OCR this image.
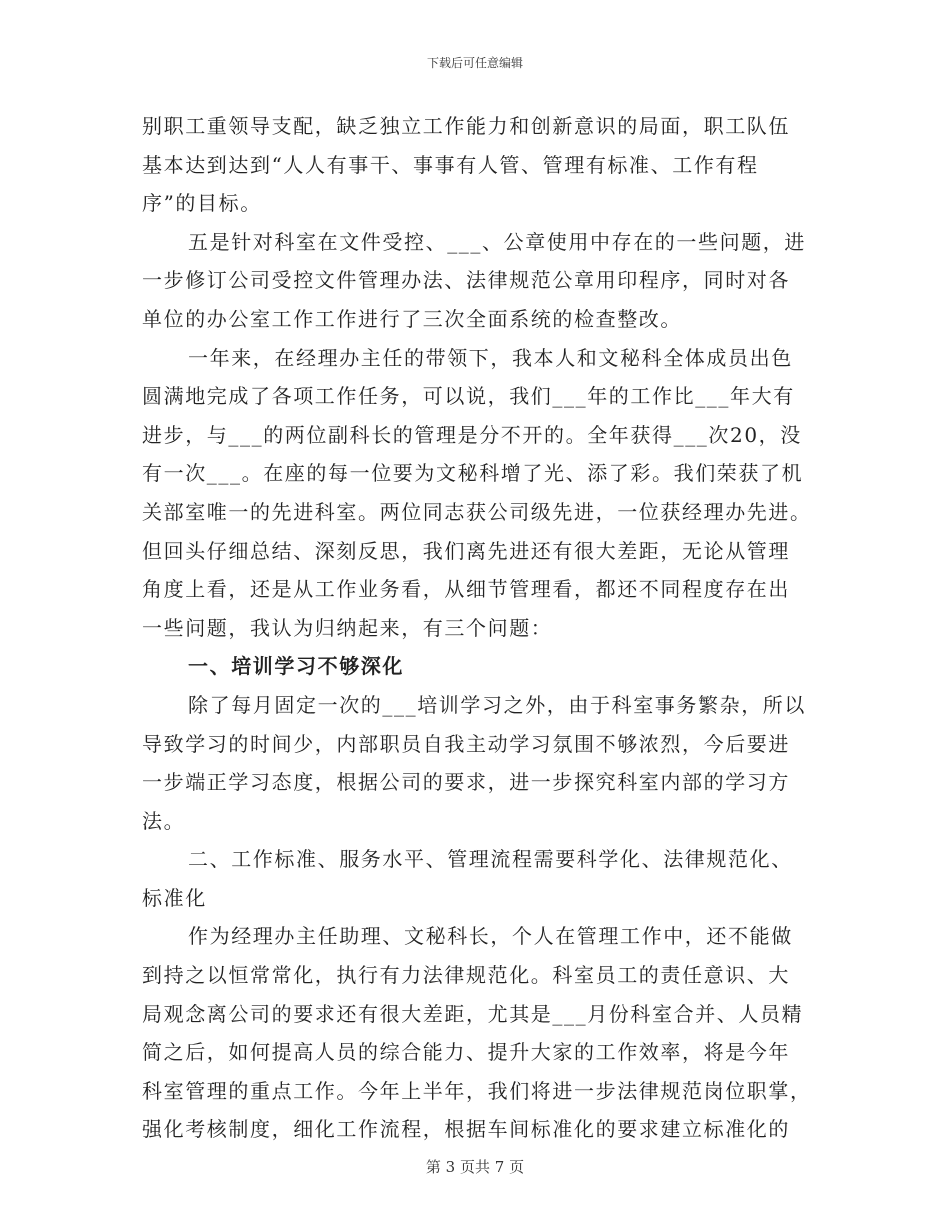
下载后可任意编辑
别职工重领导支配，缺乏独立工作能力和创新意识的局面，职工队伍
基本达到达到“人人有事干、事事有人管、管理有标准、工作有程
序”的目标。
五是针对科室在文件受控、___、公章使用中存在的一些问题，进
一步修订公司受控文件管理办法、法律规范公章用印程序，同时对各
单位的办公室工作工作进行了三次全面系统的检查整改。
一年来，在经理办主任的带领下，我本人和文秘科全体成员出色
圆满地完成了各项工作任务，可以说，我们___年的工作比___年大有
进步，与___的两位副科长的管理是分不开的。全年获得___次20，没
有一次___。在座的每一位要为文秘科增了光、添了彩。我们荣获了机
关部室唯一的先进科室。两位同志获公司级先进，一位获经理办先进。
但回头仔细总结、深刻反思，我们离先进还有很大差距，无论从管理
角度上看，还是从工作业务看，从细节管理看，都还不同程度存在出
一些问题，我认为归纳起来，有三个问题：
一、培训学习不够深化
除了每月固定一次的___培训学习之外，由于科室事务繁杂，所以
导致学习的时间少，内部职员自我主动学习氛围不够浓烈，今后要进
一步端正学习态度，根据公司的要求，进一步探究科室内部的学习方
法。
二、工作标准、服务水平、管理流程需要科学化、法律规范化、
标准化
作为经理办主任助理、文秘科长，个人在管理工作中，还不能做
到持之以恒常常化，执行有力法律规范化。科室员工的责任意识、大
局观念离公司的要求还有很大差距，尤其是___月份科室合并、人员精
简之后，如何提高人员的综合能力、提升大家的工作效率，将是今年
科室管理的重点工作。今年上半年，我们将进一步法律规范岗位职掌，
强化考核制度，细化工作流程，根据车间标准化的要求建立标准化的
第 3 页共 7 页
